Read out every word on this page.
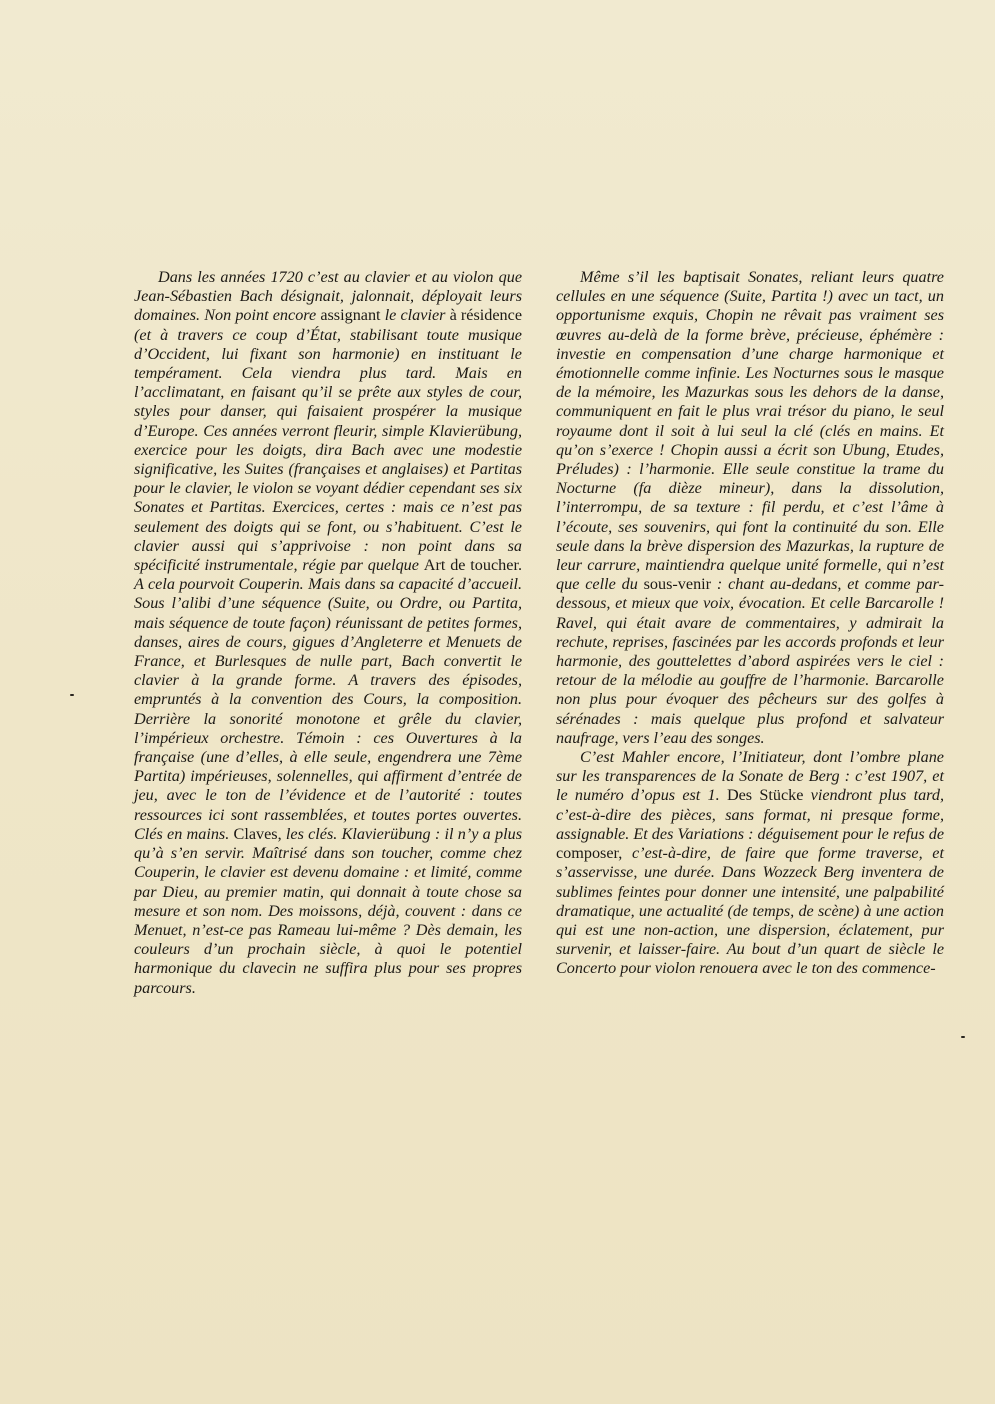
Dans les années 1720 c’est au clavier et au violon que Jean-Sébastien Bach désignait, jalonnait, déployait leurs domaines. Non point encore assignant le clavier à résidence (et à travers ce coup d’État, stabilisant toute musique d’Occident, lui fixant son harmonie) en instituant le tempérament. Cela viendra plus tard. Mais en l’acclimatant, en faisant qu’il se prête aux styles de cour, styles pour danser, qui faisaient prospérer la musique d’Europe. Ces années verront fleurir, simple Klavierübung, exercice pour les doigts, dira Bach avec une modestie significative, les Suites (françaises et anglaises) et Partitas pour le clavier, le violon se voyant dédier cependant ses six Sonates et Partitas. Exercices, certes : mais ce n’est pas seulement des doigts qui se font, ou s’habituent. C’est le clavier aussi qui s’apprivoise : non point dans sa spécificité instrumentale, régie par quelque Art de toucher. A cela pourvoit Couperin. Mais dans sa capacité d’accueil. Sous l’alibi d’une séquence (Suite, ou Ordre, ou Partita, mais séquence de toute façon) réunissant de petites formes, danses, aires de cours, gigues d’Angleterre et Menuets de France, et Burlesques de nulle part, Bach convertit le clavier à la grande forme. A travers des épisodes, empruntés à la convention des Cours, la composition. Derrière la sonorité monotone et grêle du clavier, l’impérieux orchestre. Témoin : ces Ouvertures à la française (une d’elles, à elle seule, engendrera une 7ème Partita) impérieuses, solennelles, qui affirment d’entrée de jeu, avec le ton de l’évidence et de l’autorité : toutes ressources ici sont rassemblées, et toutes portes ouvertes. Clés en mains. Claves, les clés. Klavierübung : il n’y a plus qu’à s’en servir. Maîtrisé dans son toucher, comme chez Couperin, le clavier est devenu domaine : et limité, comme par Dieu, au premier matin, qui donnait à toute chose sa mesure et son nom. Des moissons, déjà, couvent : dans ce Menuet, n’est-ce pas Rameau lui-même ? Dès demain, les couleurs d’un prochain siècle, à quoi le potentiel harmonique du clavecin ne suffira plus pour ses propres parcours.

Même s’il les baptisait Sonates, reliant leurs quatre cellules en une séquence (Suite, Partita !) avec un tact, un opportunisme exquis, Chopin ne rêvait pas vraiment ses œuvres au-delà de la forme brève, précieuse, éphémère : investie en compensation d’une charge harmonique et émotionnelle comme infinie. Les Nocturnes sous le masque de la mémoire, les Mazurkas sous les dehors de la danse, communiquent en fait le plus vrai trésor du piano, le seul royaume dont il soit à lui seul la clé (clés en mains. Et qu’on s’exerce ! Chopin aussi a écrit son Ubung, Etudes, Préludes) : l’harmonie. Elle seule constitue la trame du Nocturne (fa dièze mineur), dans la dissolution, l’interrompu, de sa texture : fil perdu, et c’est l’âme à l’écoute, ses souvenirs, qui font la continuité du son. Elle seule dans la brève dispersion des Mazurkas, la rupture de leur carrure, maintiendra quelque unité formelle, qui n’est que celle du sous-venir : chant au-dedans, et comme par-dessous, et mieux que voix, évocation. Et celle Barcarolle ! Ravel, qui était avare de commentaires, y admirait la rechute, reprises, fascinées par les accords profonds et leur harmonie, des gouttelettes d’abord aspirées vers le ciel : retour de la mélodie au gouffre de l’harmonie. Barcarolle non plus pour évoquer des pêcheurs sur des golfes à sérénades : mais quelque plus profond et salvateur naufrage, vers l’eau des songes.

C’est Mahler encore, l’Initiateur, dont l’ombre plane sur les transparences de la Sonate de Berg : c’est 1907, et le numéro d’opus est 1. Des Stücke viendront plus tard, c’est-à-dire des pièces, sans format, ni presque forme, assignable. Et des Variations : déguisement pour le refus de composer, c’est-à-dire, de faire que forme traverse, et s’asservisse, une durée. Dans Wozzeck Berg inventera de sublimes feintes pour donner une intensité, une palpabilité dramatique, une actualité (de temps, de scène) à une action qui est une non-action, une dispersion, éclatement, pur survenir, et laisser-faire. Au bout d’un quart de siècle le Concerto pour violon renouera avec le ton des commence-
